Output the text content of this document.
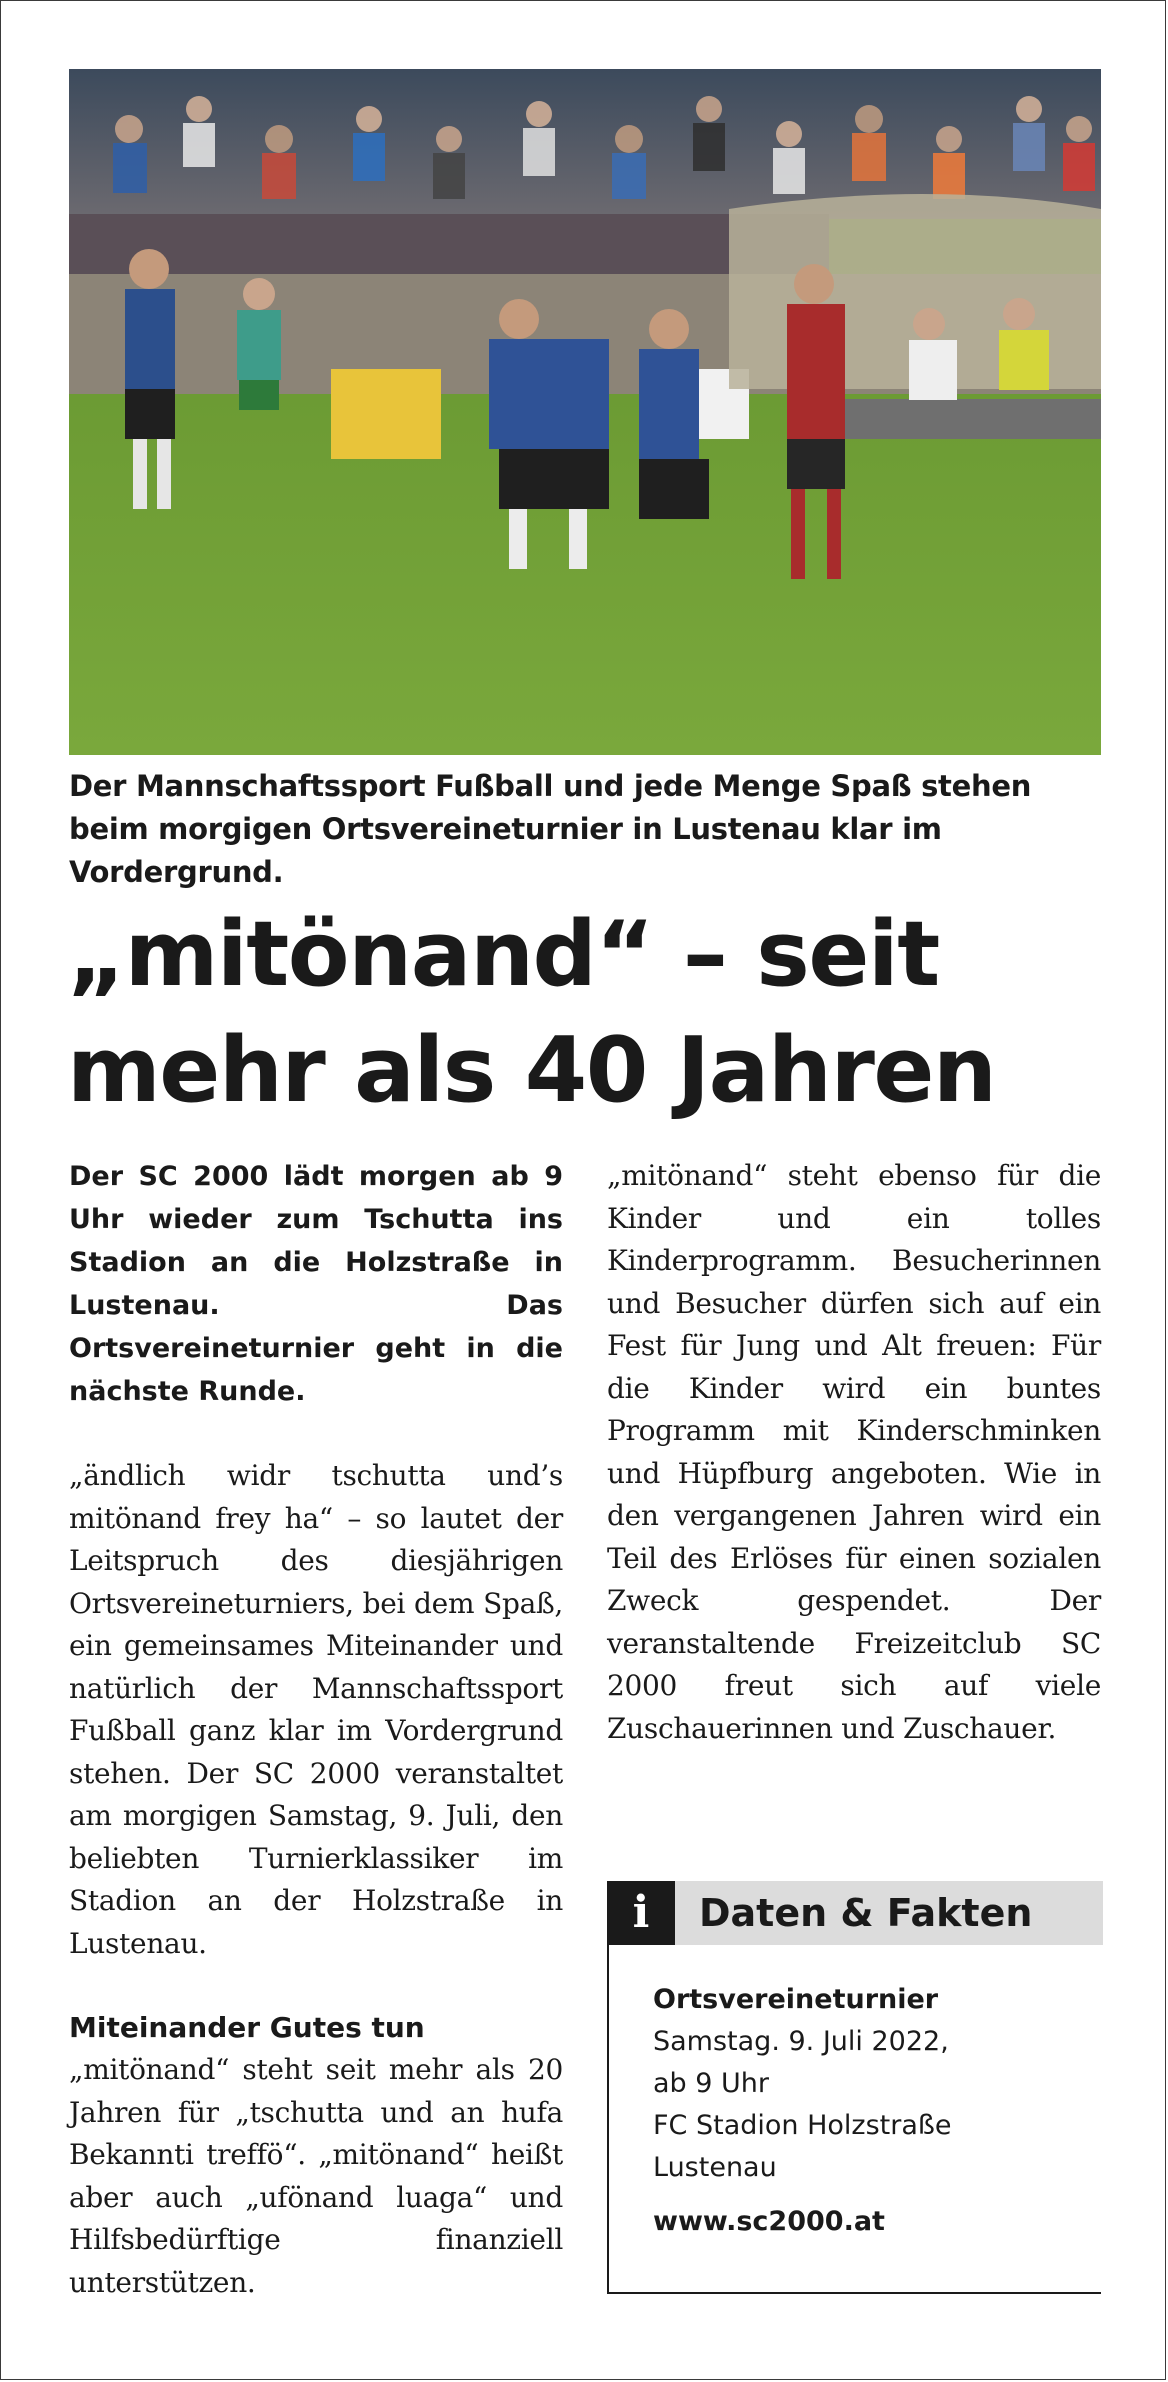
Der Mannschaftssport Fußball und jede Menge Spaß stehen beim morgigen Ortsvereineturnier in Lustenau klar im Vordergrund.
„mitönand“ – seit
mehr als 40 Jahren

Der SC 2000 lädt morgen ab 9 Uhr wieder zum Tschutta ins Stadion an die Holzstraße in Lustenau. Das Ortsvereineturnier geht in die nächste Runde.

„ändlich widr tschutta und’s mitönand frey ha“ – so lautet der Leitspruch des diesjährigen Ortsvereineturniers, bei dem Spaß, ein gemeinsames Miteinander und natürlich der Mannschaftssport Fußball ganz klar im Vordergrund stehen. Der SC 2000 veranstaltet am morgigen Samstag, 9. Juli, den beliebten Turnierklassiker im Stadion an der Holzstraße in Lustenau.

Miteinander Gutes tun

„mitönand“ steht seit mehr als 20 Jahren für „tschutta und an hufa Bekannti treffö“. „mitönand“ heißt aber auch „ufönand luaga“ und Hilfsbedürftige finanziell unterstützen.

„mitönand“ steht ebenso für die Kinder und ein tolles Kinderprogramm. Besucherinnen und Besucher dürfen sich auf ein Fest für Jung und Alt freuen: Für die Kinder wird ein buntes Programm mit Kinderschminken und Hüpfburg angeboten. Wie in den vergangenen Jahren wird ein Teil des Erlöses für einen sozialen Zweck gespendet. Der veranstaltende Freizeitclub SC 2000 freut sich auf viele Zuschauerinnen und Zuschauer.

i	Daten & Fakten
Ortsvereineturnier
Samstag. 9. Juli 2022,
ab 9 Uhr
FC Stadion Holzstraße
Lustenau
www.sc2000.at
